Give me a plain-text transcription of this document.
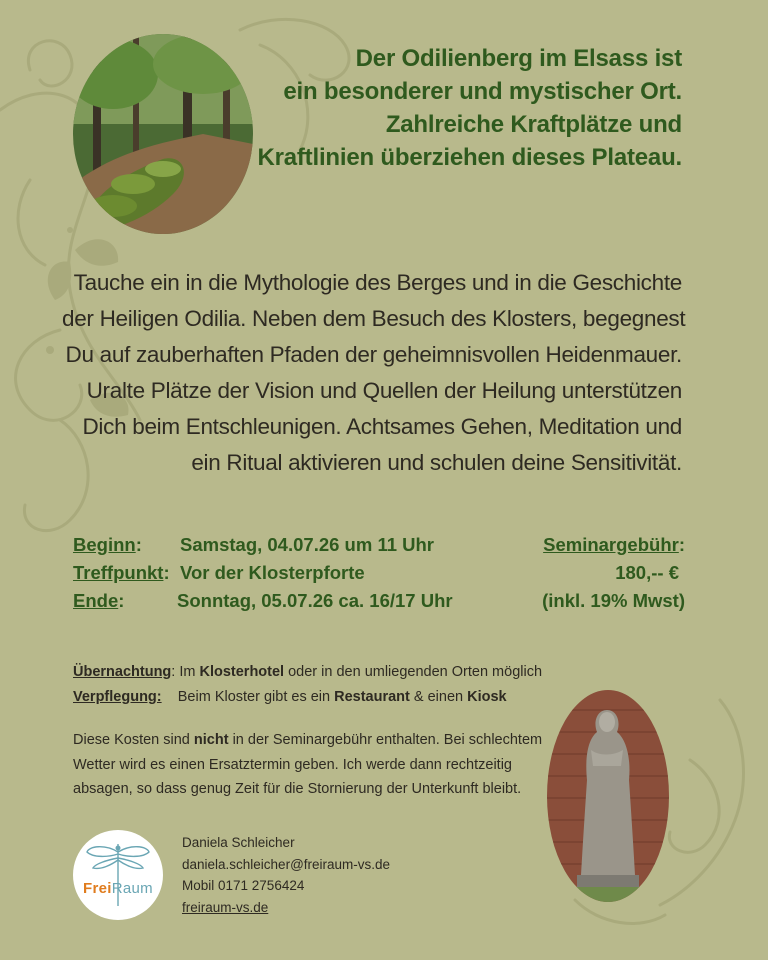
Der Odilienberg im Elsass ist
ein besonderer und mystischer Ort.
Zahlreiche Kraftplätze und
Kraftlinien überziehen dieses Plateau.
Tauche ein in die Mythologie des Berges und in die Geschichte
der Heiligen Odilia. Neben dem Besuch des Klosters, begegnest
Du auf zauberhaften Pfaden der geheimnisvollen Heidenmauer.
Uralte Plätze der Vision und Quellen der Heilung unterstützen
Dich beim Entschleunigen. Achtsames Gehen, Meditation und
ein Ritual aktivieren und schulen deine Sensitivität.
Beginn: Samstag, 04.07.26 um 11 Uhr	Seminargebühr:
Treffpunkt: Vor der Klosterpforte	180,-- €
Ende:	Sonntag, 05.07.26 ca. 16/17 Uhr	(inkl. 19% Mwst)
Übernachtung: Im Klosterhotel oder in den umliegenden Orten möglich
Verpflegung: Beim Kloster gibt es ein Restaurant & einen Kiosk
Diese Kosten sind nicht in der Seminargebühr enthalten. Bei schlechtem
Wetter wird es einen Ersatztermin geben. Ich werde dann rechtzeitig
absagen, so dass genug Zeit für die Stornierung der Unterkunft bleibt.
FreiRaum
Daniela Schleicher
daniela.schleicher@freiraum-vs.de
Mobil 0171 2756424
freiraum-vs.de
